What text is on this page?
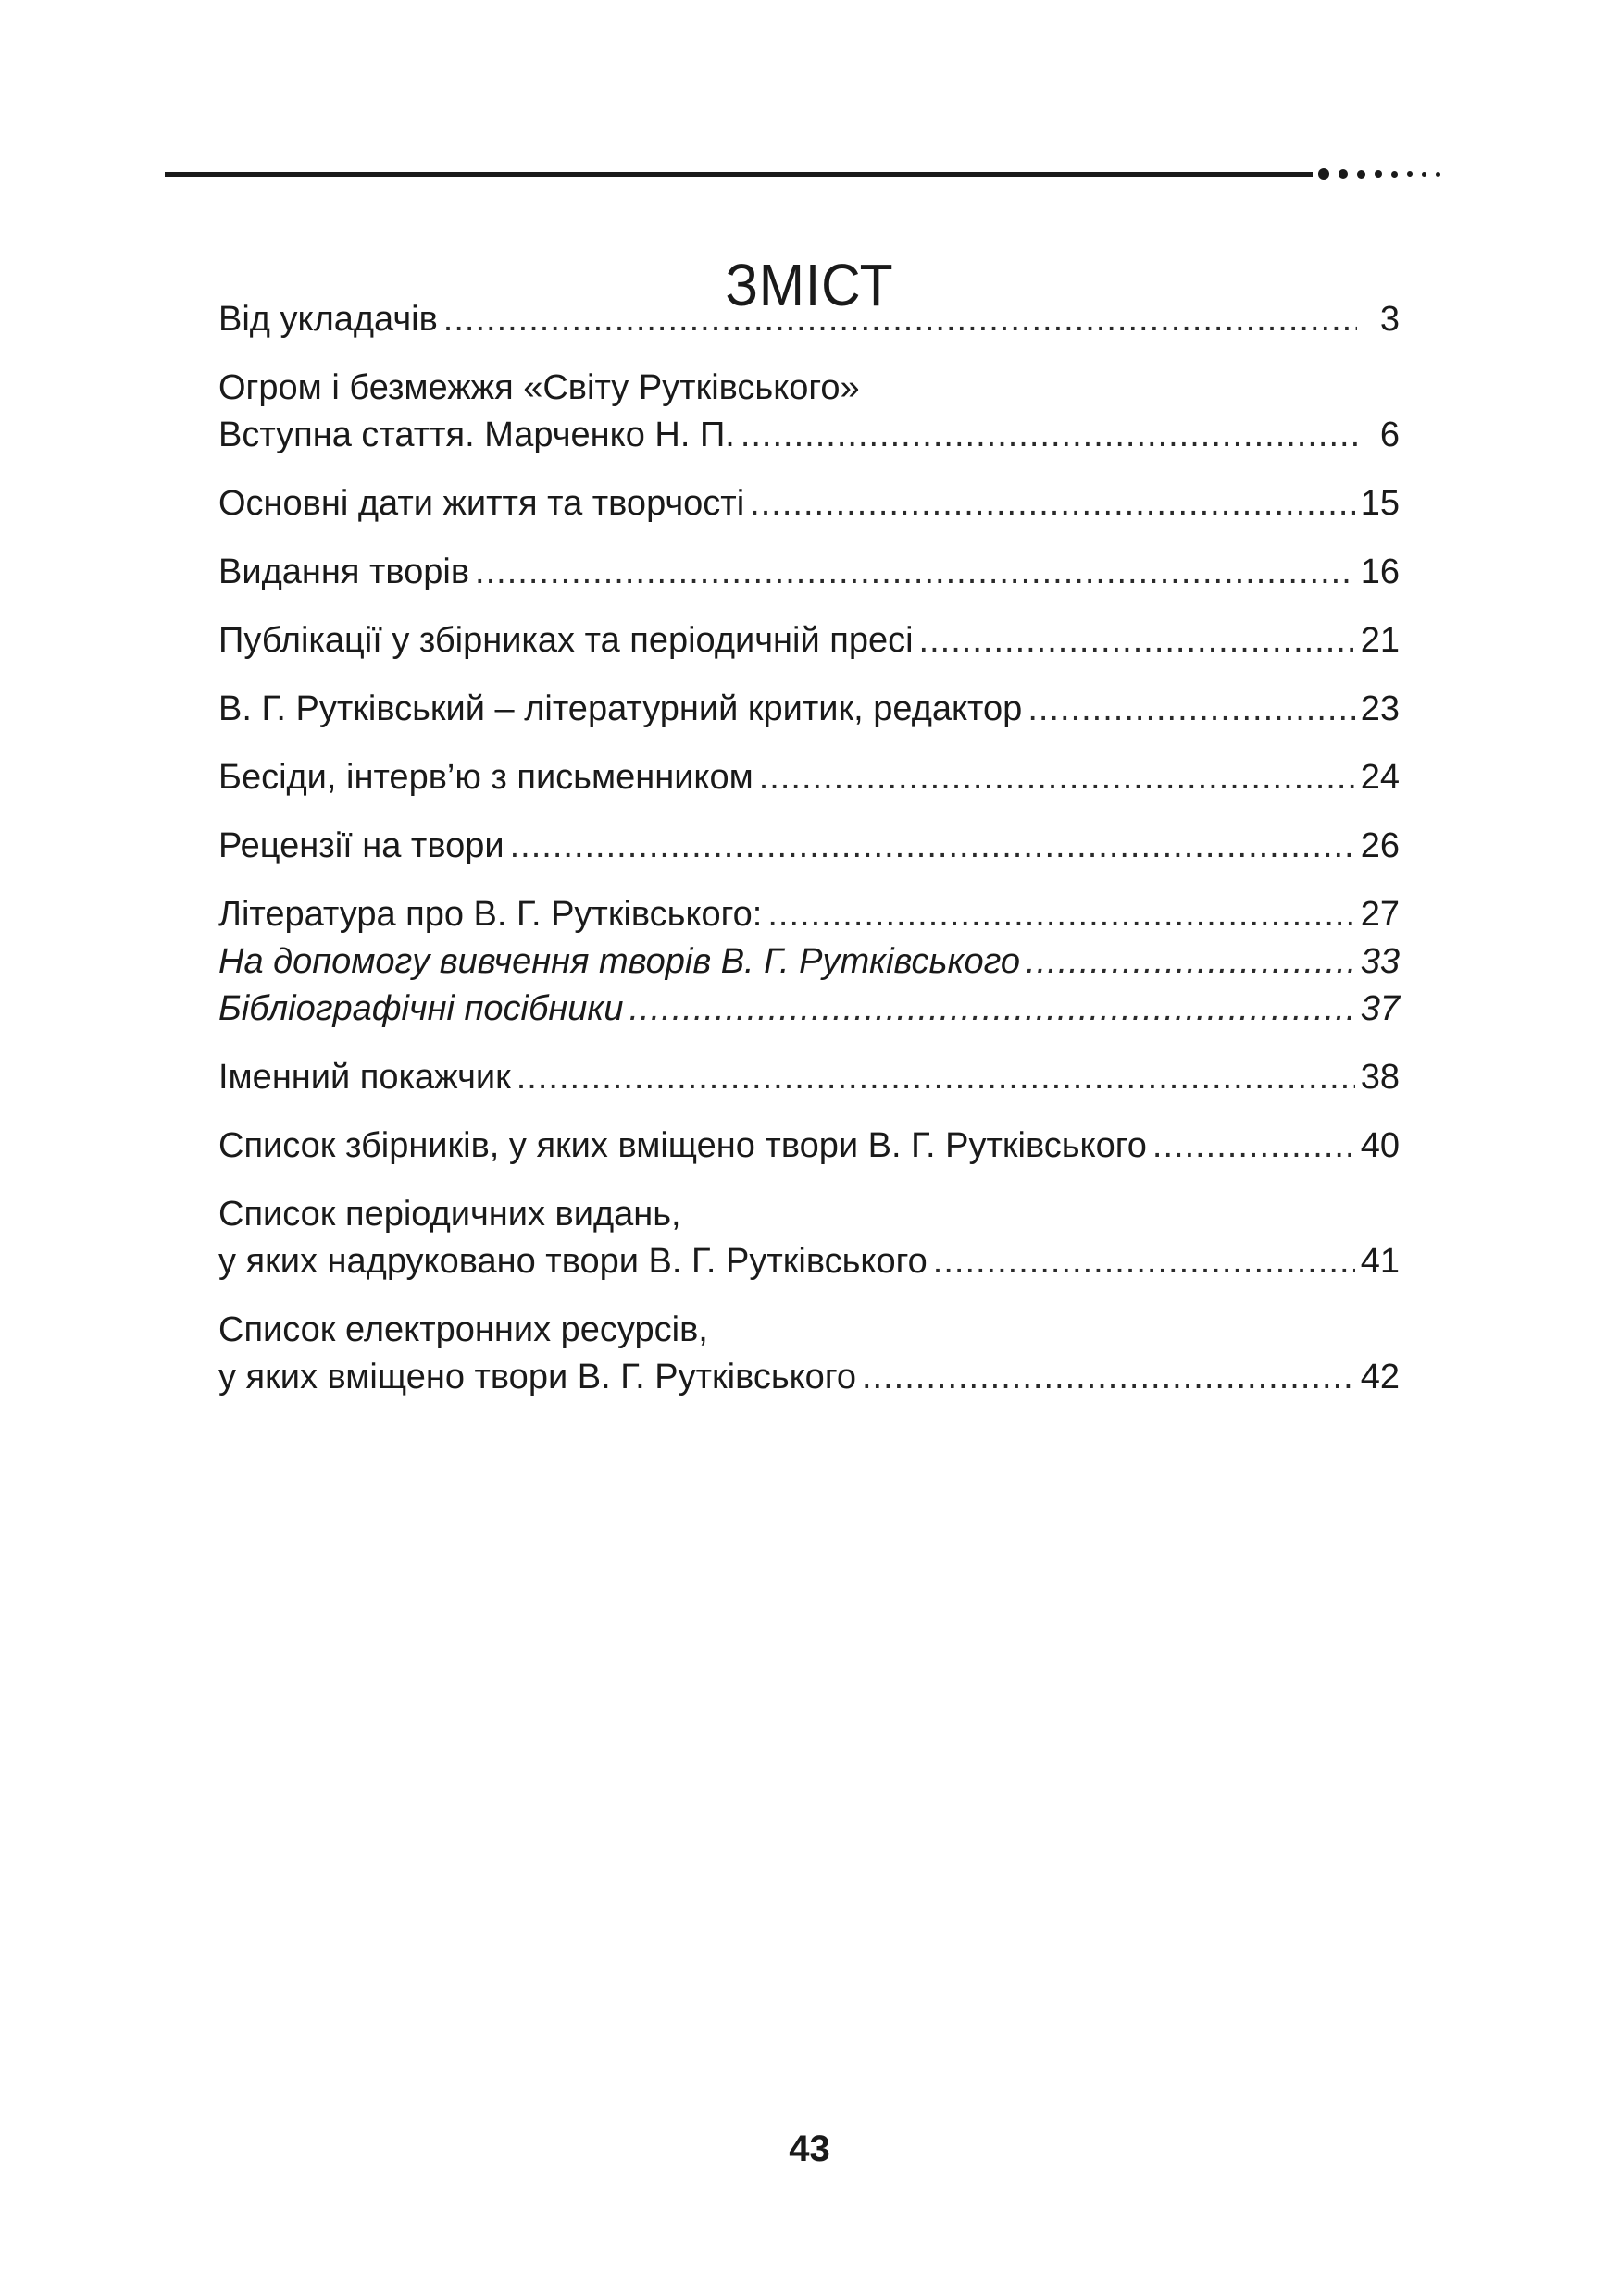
ЗМІСТ
Від укладачів .....	3
Огром і безмежжя «Світу Рутківського»
Вступна стаття. Марченко Н. П. .....	6
Основні дати життя та творчості .....	15
Видання творів .....	16
Публікації у збірниках та періодичній пресі .....	21
В. Г. Рутківський – літературний критик, редактор .....	23
Бесіди, інтерв’ю з письменником .....	24
Рецензії на твори .....	26
Література про В. Г. Рутківського: .....	27
На допомогу вивчення творів В. Г. Рутківського .....	33
Бібліографічні посібники .....	37
Іменний покажчик .....	38
Список збірників, у яких вміщено твори В. Г. Рутківського .....	40
Список періодичних видань,
у яких надруковано твори В. Г. Рутківського .....	41
Список електронних ресурсів,
у яких вміщено твори В. Г. Рутківського .....	42
43
